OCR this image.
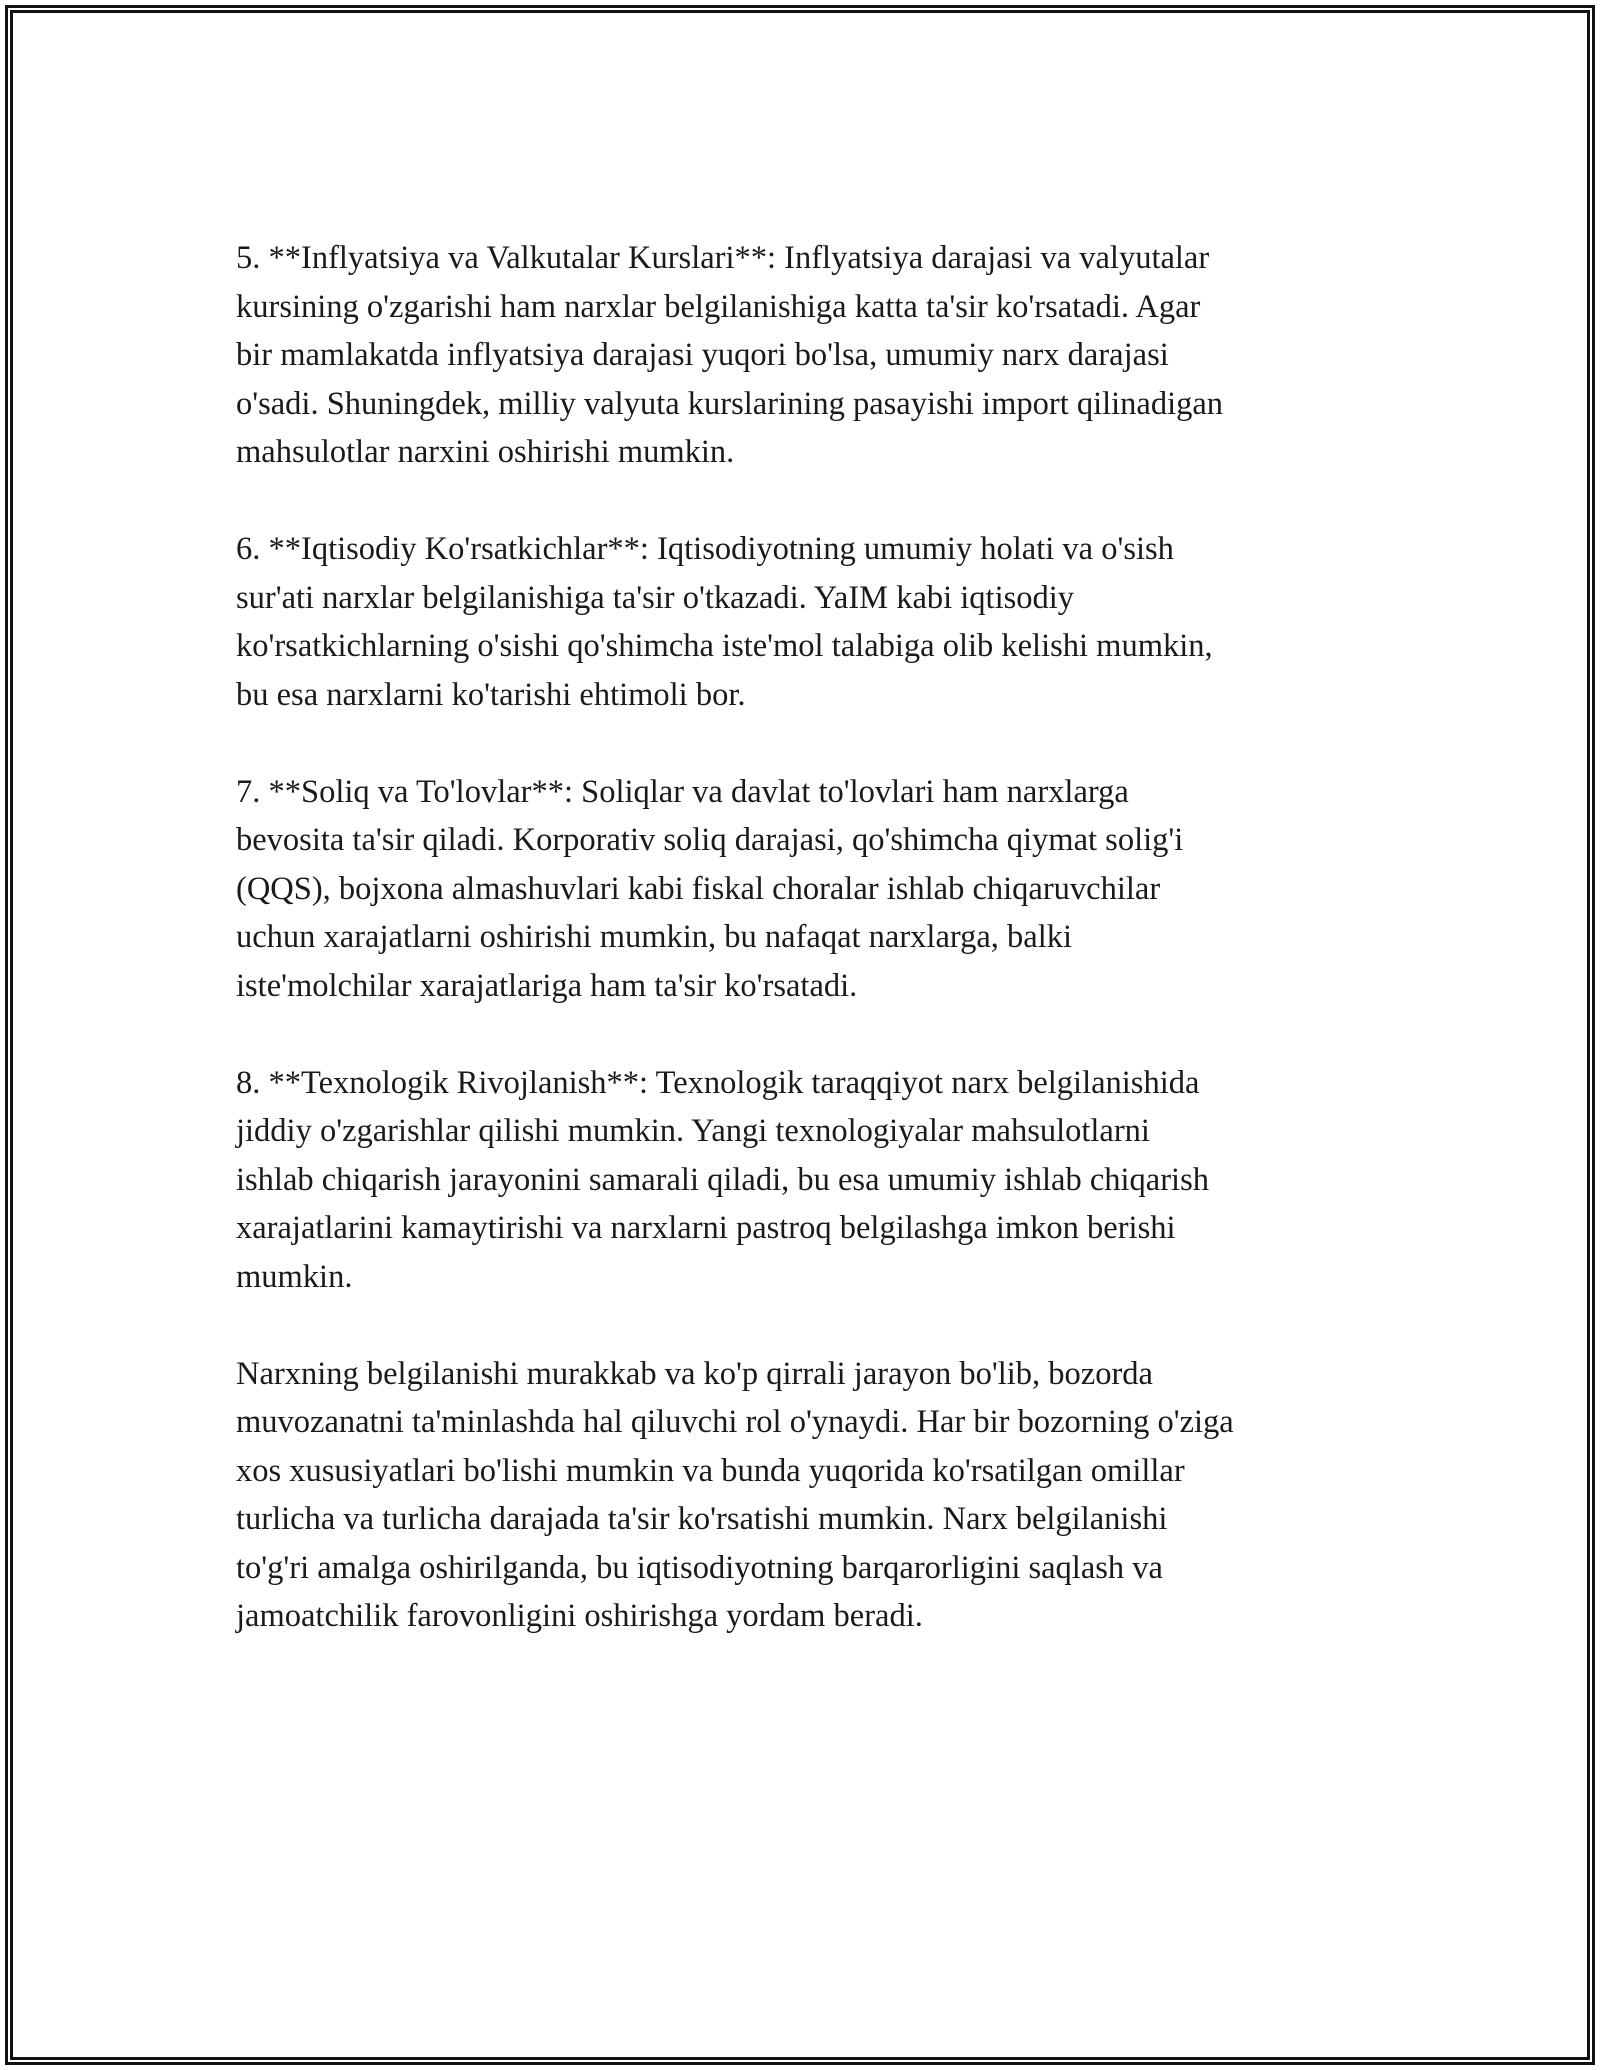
5. **Inflyatsiya va Valkutalar Kurslari**: Inflyatsiya darajasi va valyutalar
kursining o'zgarishi ham narxlar belgilanishiga katta ta'sir ko'rsatadi. Agar
bir mamlakatda inflyatsiya darajasi yuqori bo'lsa, umumiy narx darajasi
o'sadi. Shuningdek, milliy valyuta kurslarining pasayishi import qilinadigan
mahsulotlar narxini oshirishi mumkin.

6. **Iqtisodiy Ko'rsatkichlar**: Iqtisodiyotning umumiy holati va o'sish
sur'ati narxlar belgilanishiga ta'sir o'tkazadi. YaIM kabi iqtisodiy
ko'rsatkichlarning o'sishi qo'shimcha iste'mol talabiga olib kelishi mumkin,
bu esa narxlarni ko'tarishi ehtimoli bor.

7. **Soliq va To'lovlar**: Soliqlar va davlat to'lovlari ham narxlarga
bevosita ta'sir qiladi. Korporativ soliq darajasi, qo'shimcha qiymat solig'i
(QQS), bojxona almashuvlari kabi fiskal choralar ishlab chiqaruvchilar
uchun xarajatlarni oshirishi mumkin, bu nafaqat narxlarga, balki
iste'molchilar xarajatlariga ham ta'sir ko'rsatadi.

8. **Texnologik Rivojlanish**: Texnologik taraqqiyot narx belgilanishida
jiddiy o'zgarishlar qilishi mumkin. Yangi texnologiyalar mahsulotlarni
ishlab chiqarish jarayonini samarali qiladi, bu esa umumiy ishlab chiqarish
xarajatlarini kamaytirishi va narxlarni pastroq belgilashga imkon berishi
mumkin.

Narxning belgilanishi murakkab va ko'p qirrali jarayon bo'lib, bozorda
muvozanatni ta'minlashda hal qiluvchi rol o'ynaydi. Har bir bozorning o'ziga
xos xususiyatlari bo'lishi mumkin va bunda yuqorida ko'rsatilgan omillar
turlicha va turlicha darajada ta'sir ko'rsatishi mumkin. Narx belgilanishi
to'g'ri amalga oshirilganda, bu iqtisodiyotning barqarorligini saqlash va
jamoatchilik farovonligini oshirishga yordam beradi.
